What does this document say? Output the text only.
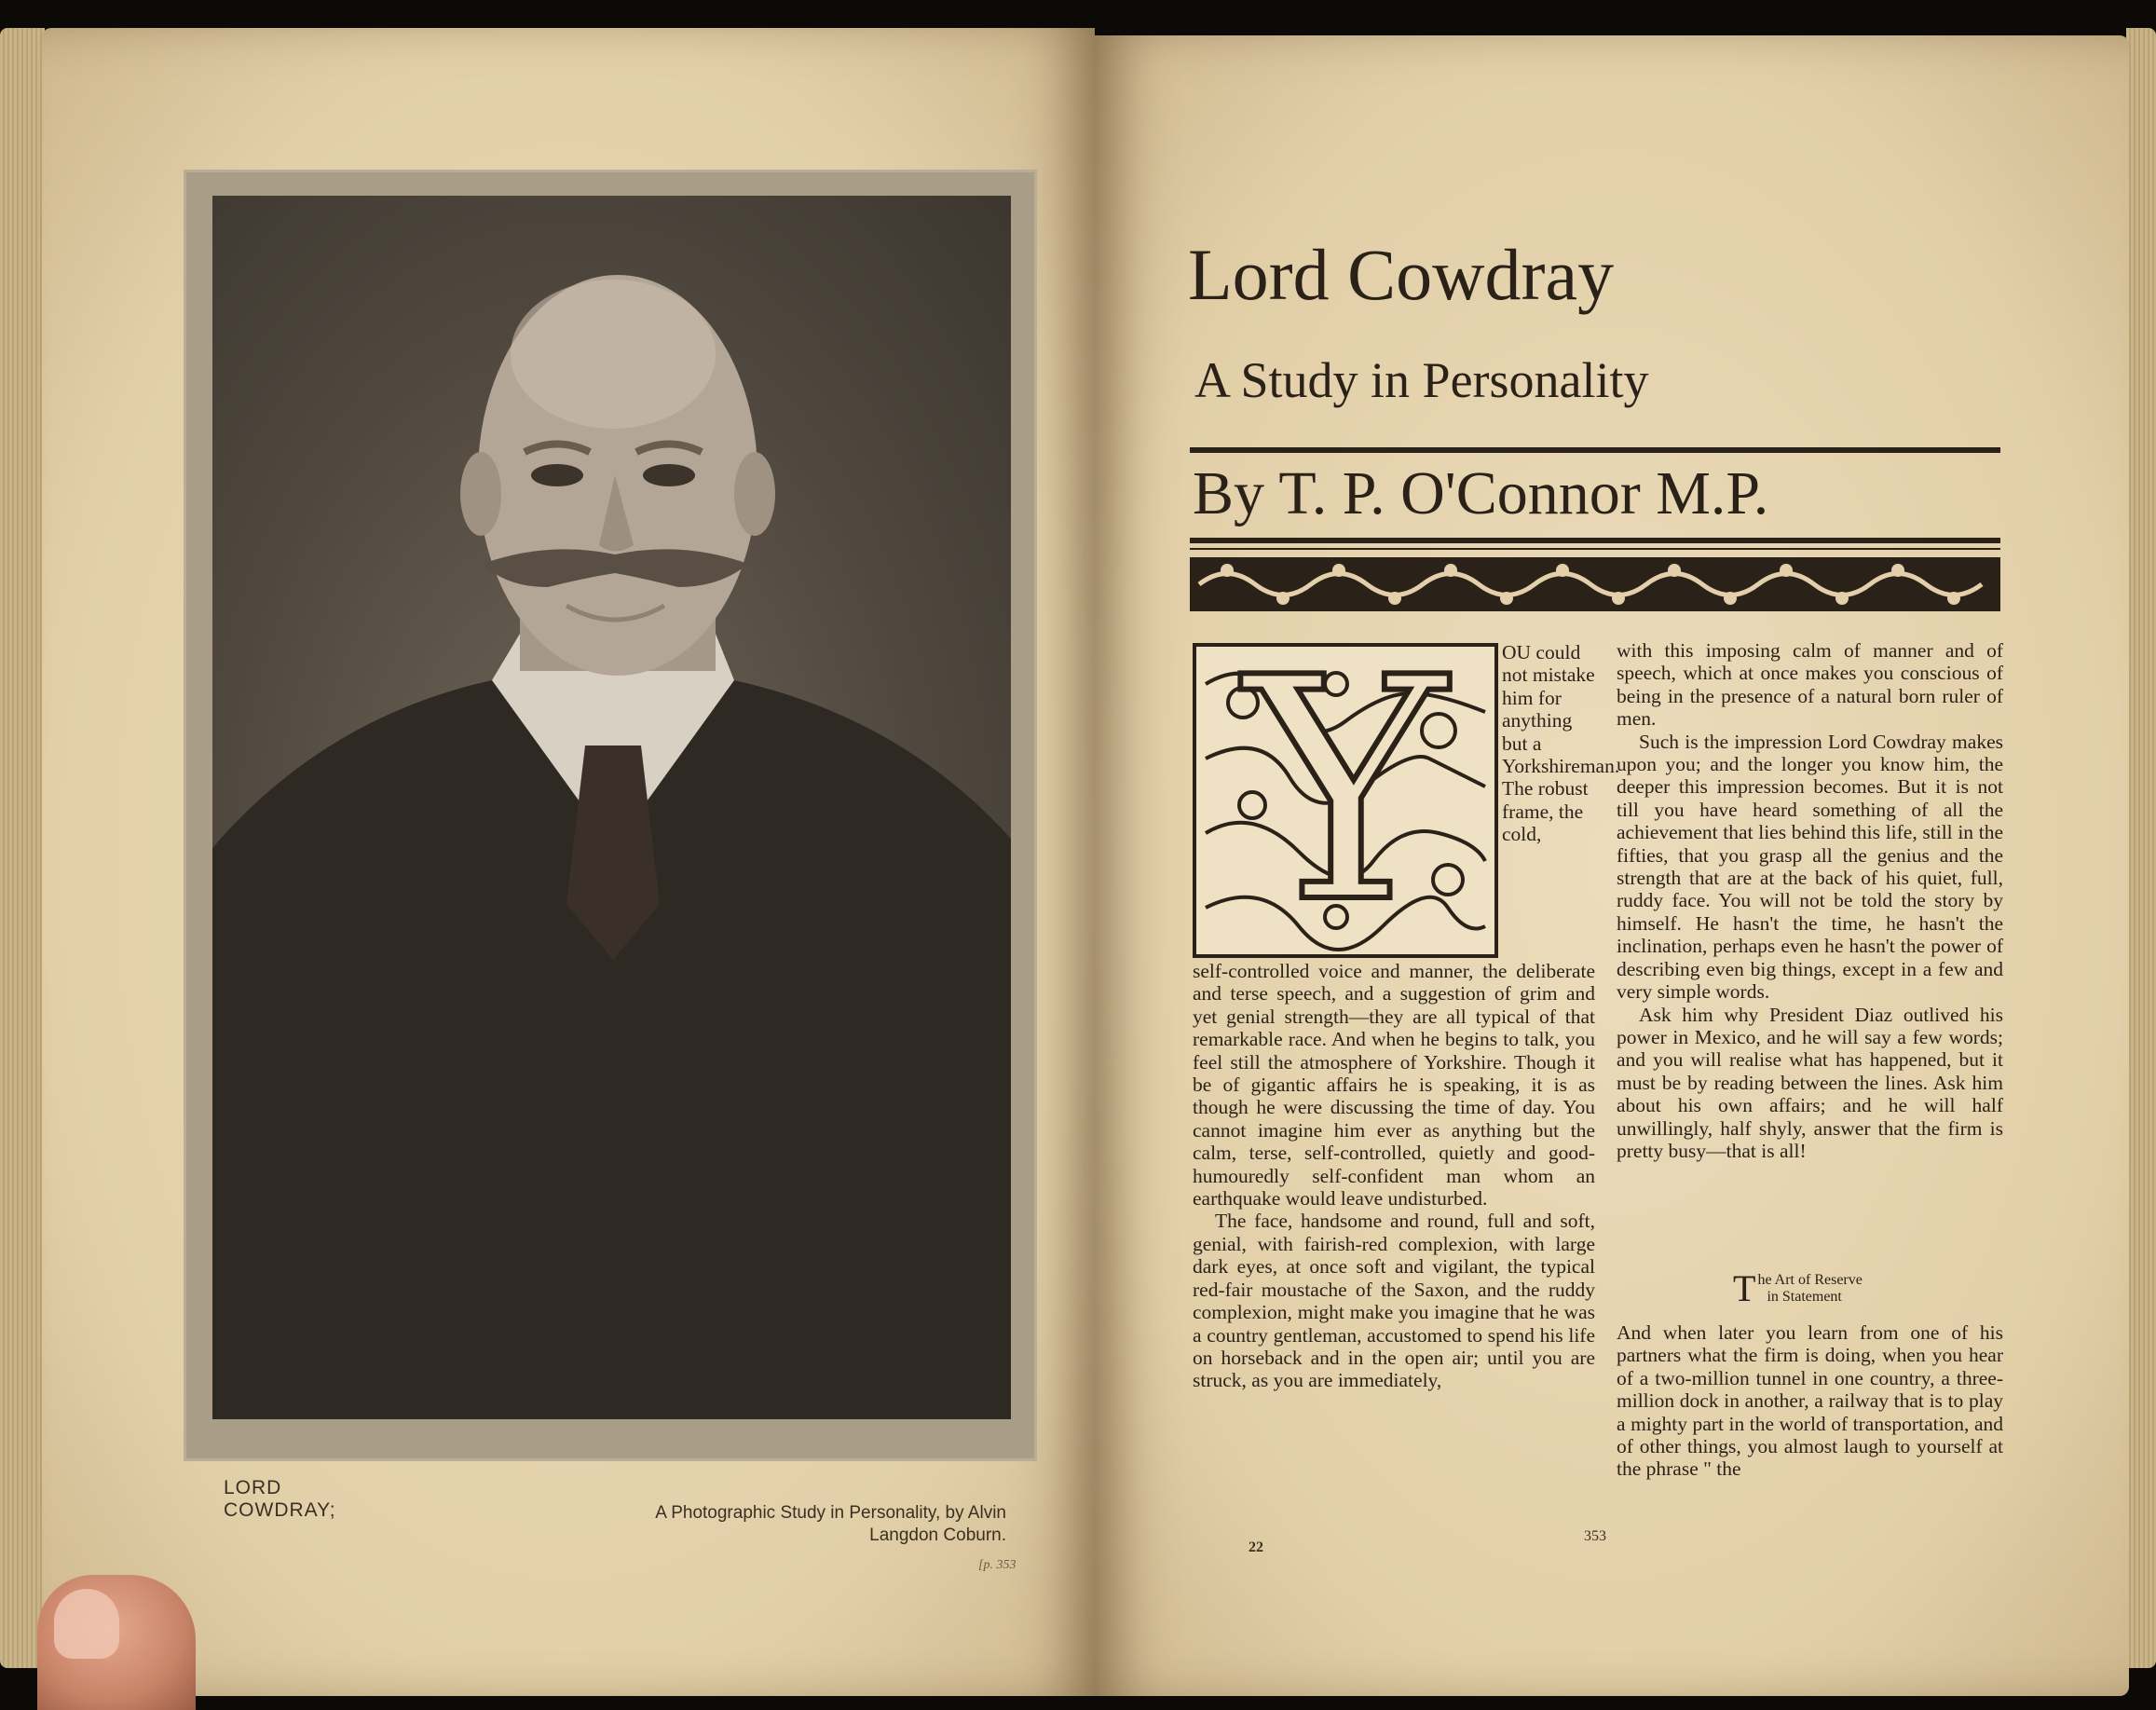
LORD
COWDRAY;	A Photographic Study in Personality, by Alvin Langdon Coburn.
[p. 353
22
Lord Cowdray
A Study in Personality
By T. P. O'Connor M.P.
Y	OU could not mistake him for anything but a Yorkshireman. The robust frame, the cold,

self-controlled voice and manner, the deliberate and terse speech, and a suggestion of grim and yet genial strength—they are all typical of that remarkable race. And when he begins to talk, you feel still the atmosphere of Yorkshire. Though it be of gigantic affairs he is speaking, it is as though he were discussing the time of day. You cannot imagine him ever as anything but the calm, terse, self-controlled, quietly and good-humouredly self-confident man whom an earthquake would leave undisturbed.

The face, handsome and round, full and soft, genial, with fairish-red complexion, with large dark eyes, at once soft and vigilant, the typical red-fair moustache of the Saxon, and the ruddy complexion, might make you imagine that he was a country gentleman, accustomed to spend his life on horseback and in the open air; until you are struck, as you are immediately,

with this imposing calm of manner and of speech, which at once makes you conscious of being in the presence of a natural born ruler of men.

Such is the impression Lord Cowdray makes upon you; and the longer you know him, the deeper this impression becomes. But it is not till you have heard something of all the achievement that lies behind this life, still in the fifties, that you grasp all the genius and the strength that are at the back of his quiet, full, ruddy face. You will not be told the story by himself. He hasn't the time, he hasn't the inclination, perhaps even he hasn't the power of describing even big things, except in a few and very simple words.

Ask him why President Diaz outlived his power in Mexico, and he will say a few words; and you will realise what has happened, but it must be by reading between the lines. Ask him about his own affairs; and he will half unwillingly, half shyly, answer that the firm is pretty busy—that is all!

T he Art of Reserve
in Statement

And when later you learn from one of his partners what the firm is doing, when you hear of a two-million tunnel in one country, a three-million dock in another, a railway that is to play a mighty part in the world of transportation, and of other things, you almost laugh to yourself at the phrase " the

353
